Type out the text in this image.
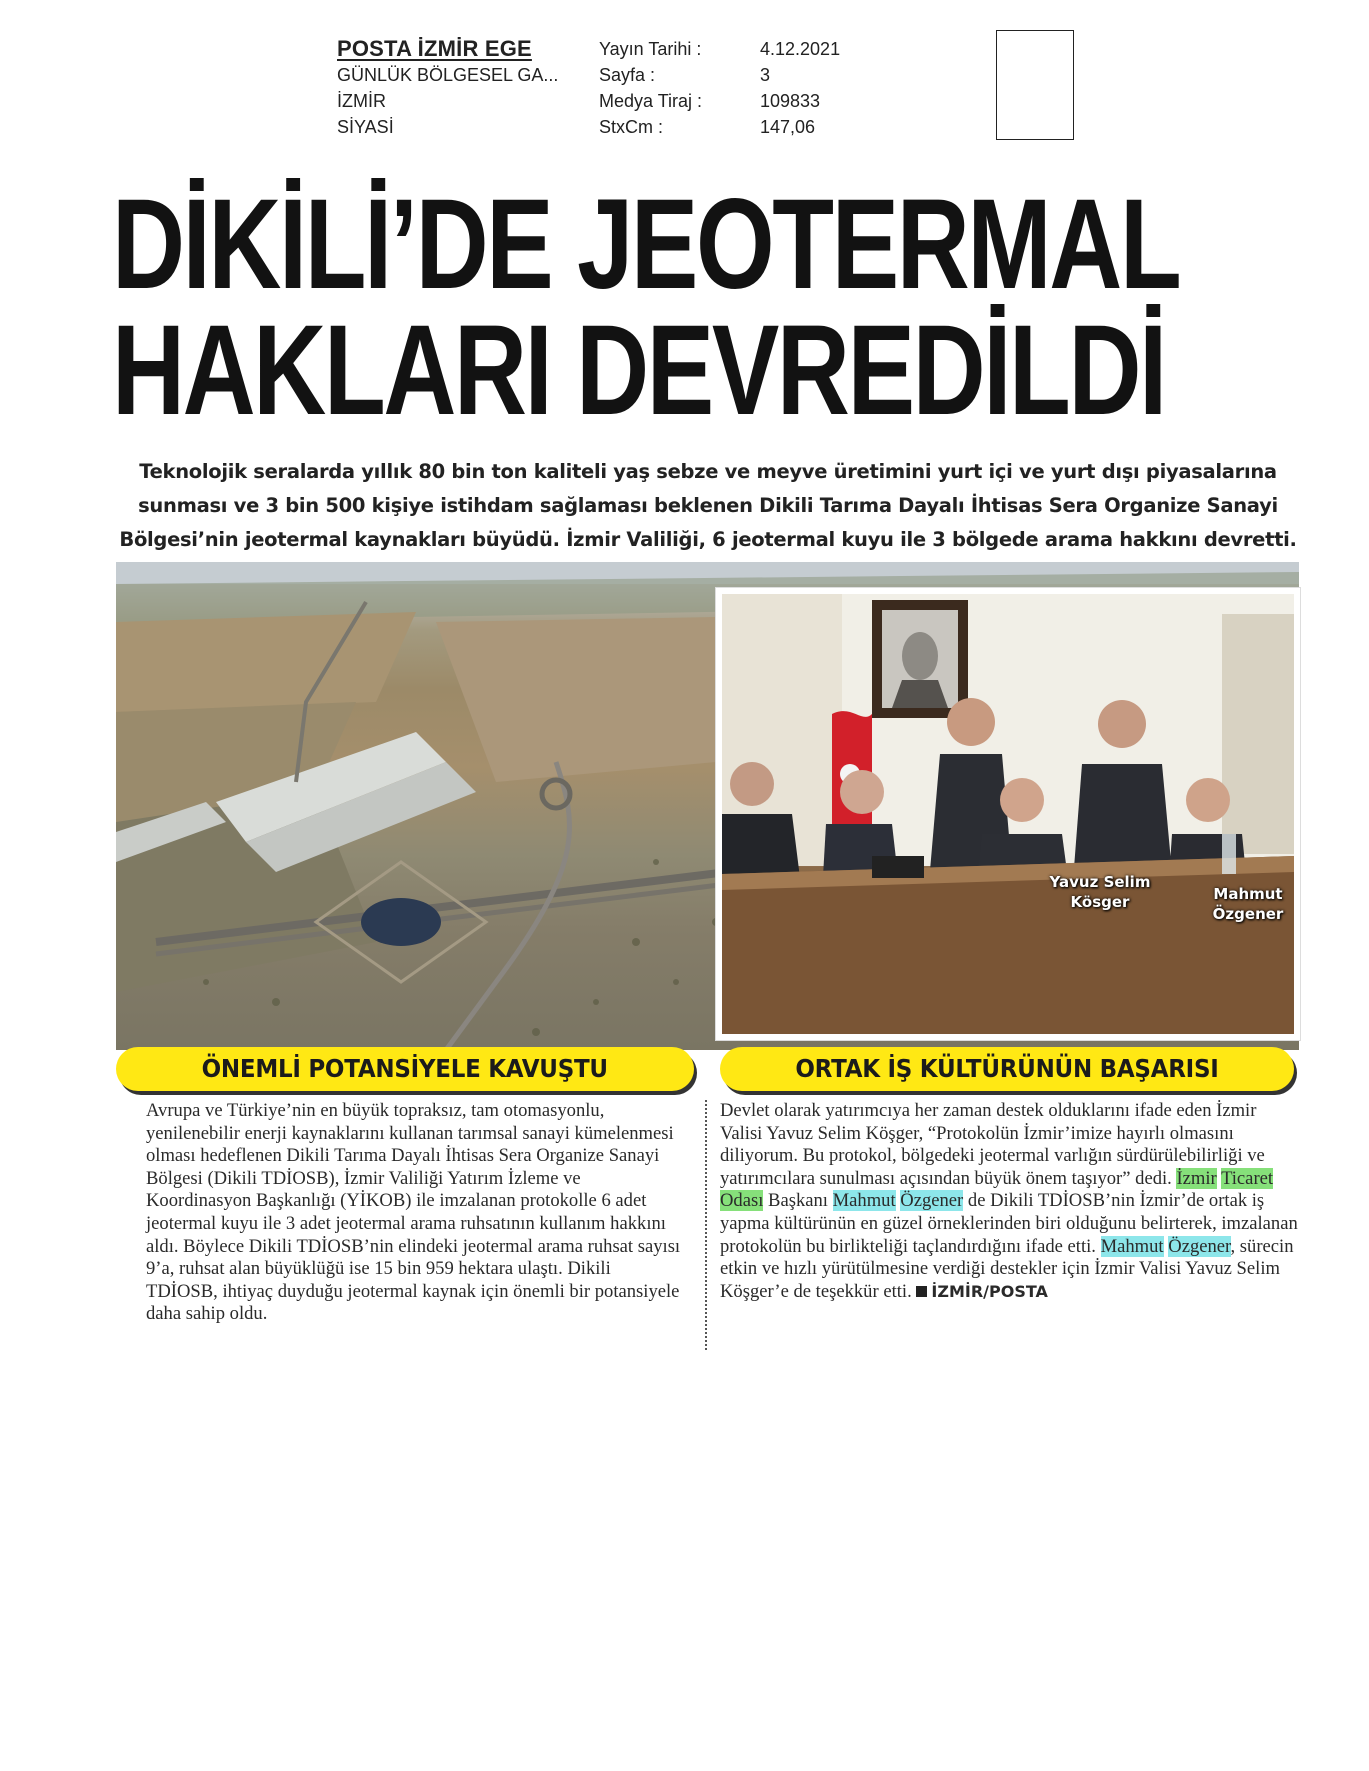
POSTA İZMİR EGE	Yayın Tarihi :	4.12.2021
GÜNLÜK BÖLGESEL GA...	Sayfa :	3
İZMİR	Medya Tiraj :	109833
SİYASİ	StxCm :	147,06
DİKİLİ’DE JEOTERMAL
HAKLARI DEVREDİLDİ
Teknolojik seralarda yıllık 80 bin ton kaliteli yaş sebze ve meyve üretimini yurt içi ve yurt dışı piyasalarına sunması ve 3 bin 500 kişiye istihdam sağlaması beklenen Dikili Tarıma Dayalı İhtisas Sera Organize Sanayi Bölgesi’nin jeotermal kaynakları büyüdü. İzmir Valiliği, 6 jeotermal kuyu ile 3 bölgede arama hakkını devretti.
Yavuz Selim Kösger	Mahmut Özgener
ÖNEMLİ POTANSİYELE KAVUŞTU	ORTAK İŞ KÜLTÜRÜNÜN BAŞARISI

Avrupa ve Türkiye’nin en büyük topraksız, tam otomasyonlu, yenilenebilir enerji kaynaklarını kullanan tarımsal sanayi kümelenmesi olması hedeflenen Dikili Tarıma Dayalı İhtisas Sera Organize Sanayi Bölgesi (Dikili TDİOSB), İzmir Valiliği Yatırım İzleme ve Koordinasyon Başkanlığı (YİKOB) ile imzalanan protokolle 6 adet jeotermal kuyu ile 3 adet jeotermal arama ruhsatının kullanım hakkını aldı. Böylece Dikili TDİOSB’nin elindeki jeotermal arama ruhsat sayısı 9’a, ruhsat alan büyüklüğü ise 15 bin 959 hektara ulaştı. Dikili TDİOSB, ihtiyaç duyduğu jeotermal kaynak için önemli bir potansiyele daha sahip oldu.

Devlet olarak yatırımcıya her zaman destek olduklarını ifade eden İzmir Valisi Yavuz Selim Köşger, “Protokolün İzmir’imize hayırlı olmasını diliyorum. Bu protokol, bölgedeki jeotermal varlığın sürdürülebilirliği ve yatırımcılara sunulması açısından büyük önem taşıyor” dedi. İzmir Ticaret Odası Başkanı Mahmut Özgener de Dikili TDİOSB’nin İzmir’de ortak iş yapma kültürünün en güzel örneklerinden biri olduğunu belirterek, imzalanan protokolün bu birlikteliği taçlandırdığını ifade etti. Mahmut Özgener, sürecin etkin ve hızlı yürütülmesine verdiği destekler için İzmir Valisi Yavuz Selim Köşger’e de teşekkür etti. İZMİR/POSTA
